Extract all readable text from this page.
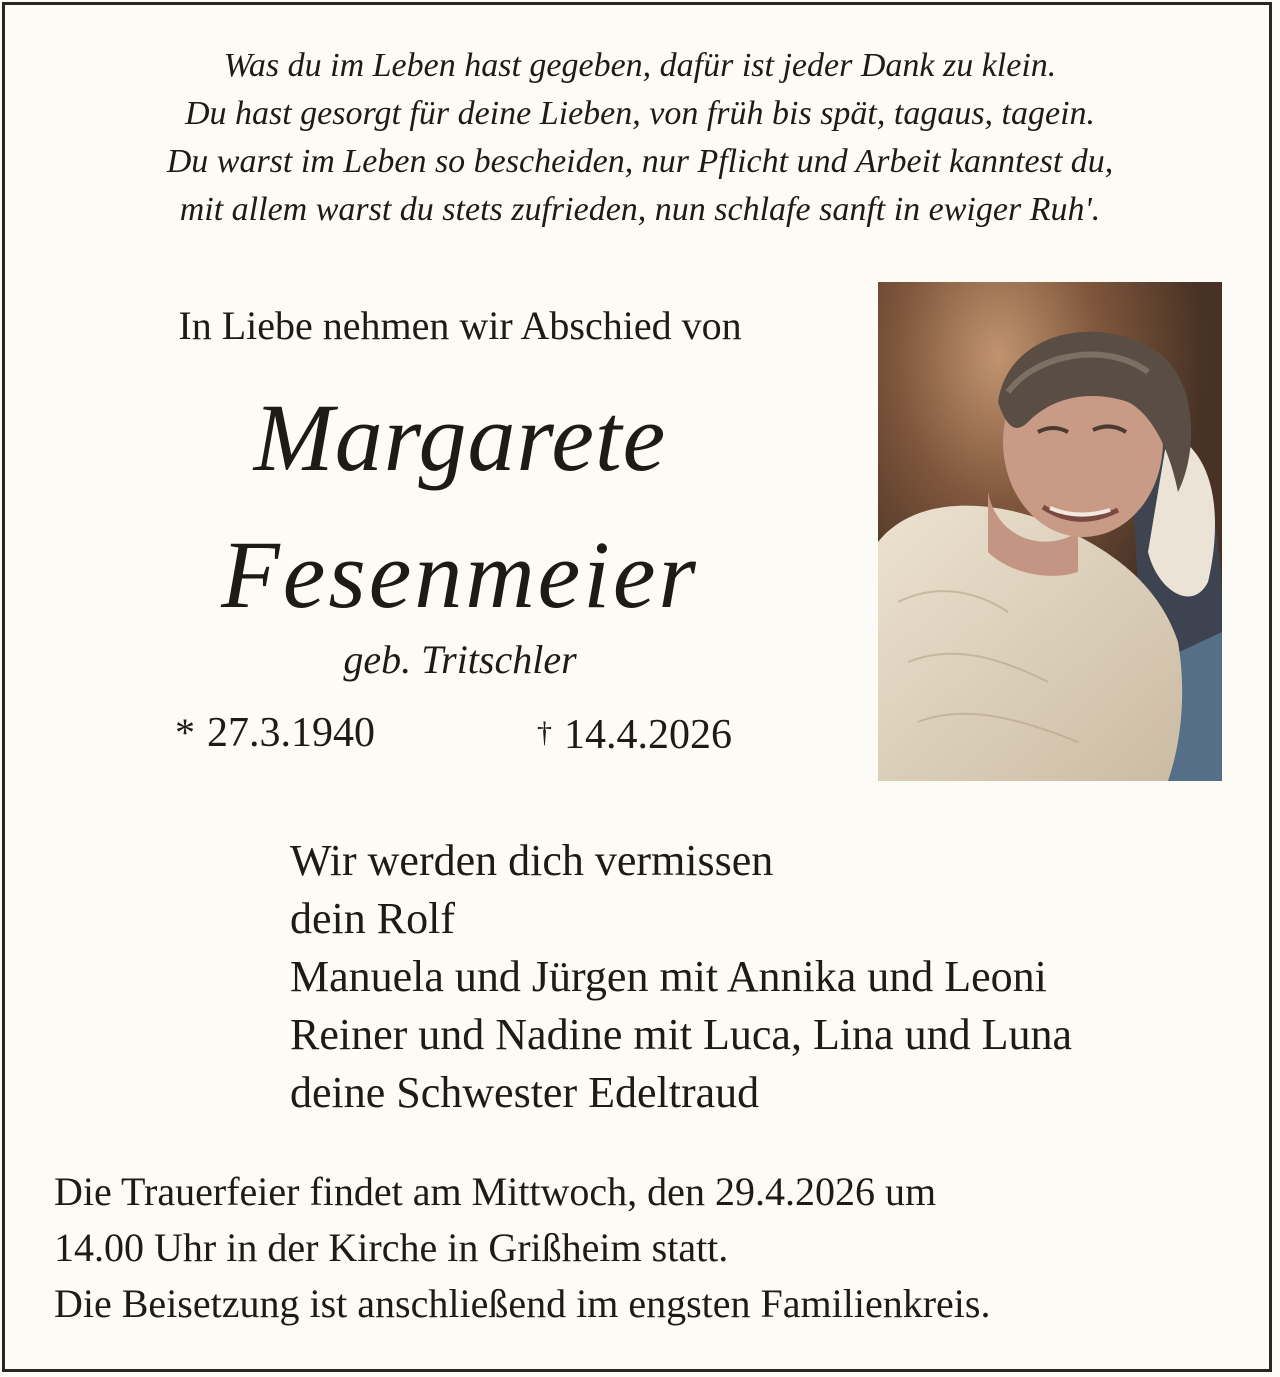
Was du im Leben hast gegeben, dafür ist jeder Dank zu klein.
Du hast gesorgt für deine Lieben, von früh bis spät, tagaus, tagein.
Du warst im Leben so bescheiden, nur Pflicht und Arbeit kanntest du,
mit allem warst du stets zufrieden, nun schlafe sanft in ewiger Ruh'.
In Liebe nehmen wir Abschied von
Margarete
Fesenmeier
geb. Tritschler
* 27.3.1940	† 14.4.2026
Wir werden dich vermissen
dein Rolf
Manuela und Jürgen mit Annika und Leoni
Reiner und Nadine mit Luca, Lina und Luna
deine Schwester Edeltraud
Die Trauerfeier findet am Mittwoch, den 29.4.2026 um
14.00 Uhr in der Kirche in Grißheim statt.
Die Beisetzung ist anschließend im engsten Familienkreis.
